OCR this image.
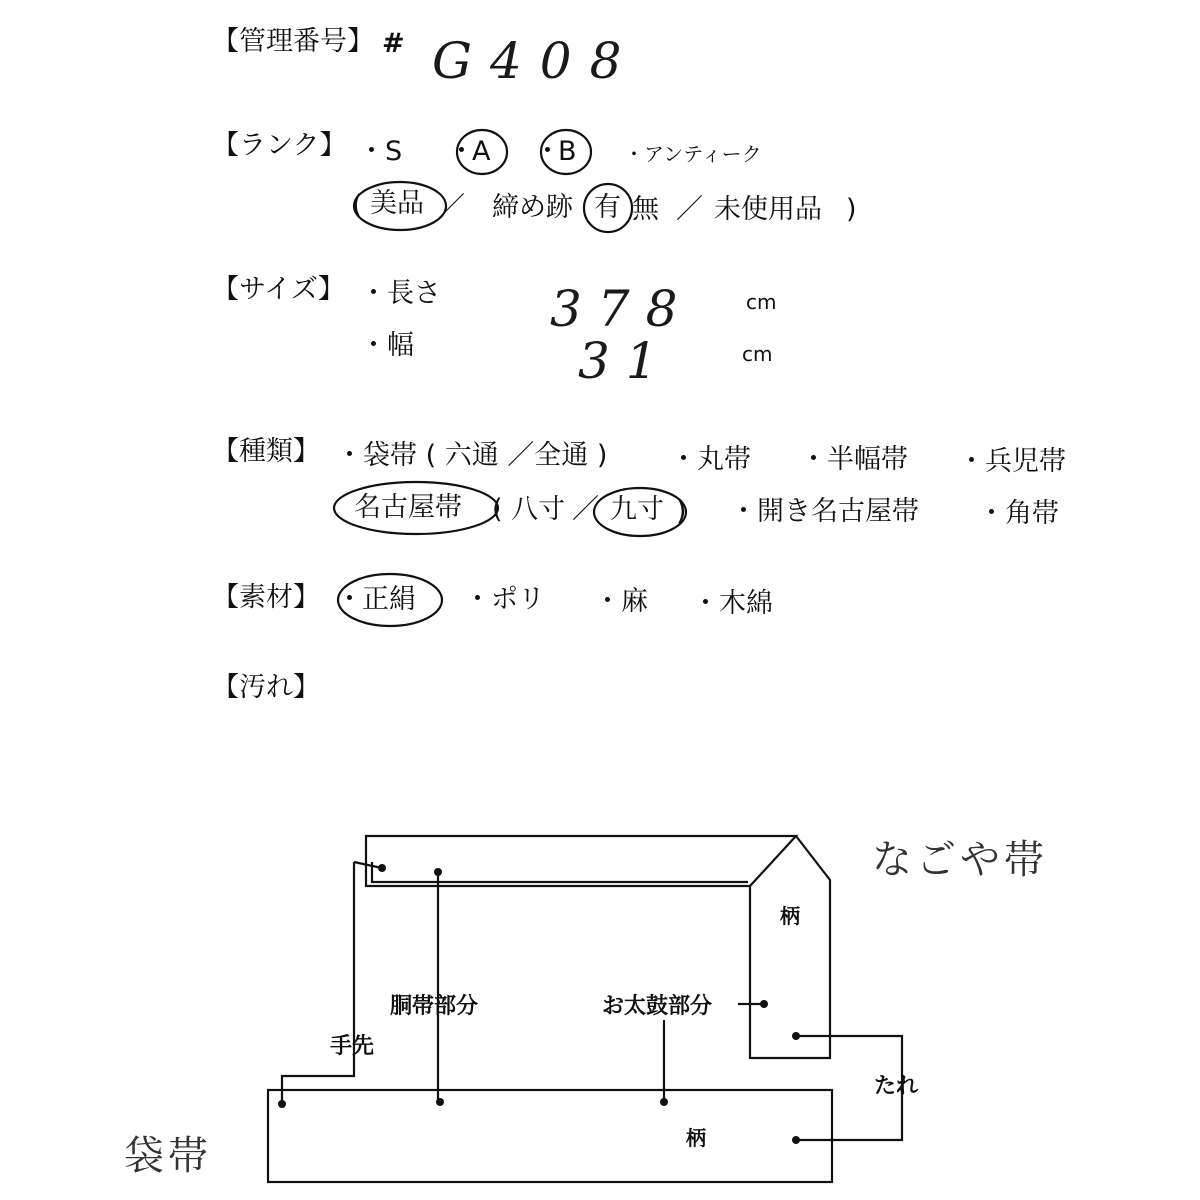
【管理番号】 # G408
【ランク】 ・S ・
A ・
B ・アンティーク
( 美品 ／ 締め跡 有 無 ／ 未使用品 )
【サイズ】 ・長さ 378	cm
・幅	31	cm
【種類】 ・袋帯 ( 六通 ／全通 ) ・丸帯 ・半幅帯 ・兵児帯
名古屋帯 ( 八寸 ／ 九寸 ) ・開き名古屋帯 ・角帯
【素材】 ・ 正絹 ・ポリ ・麻 ・木綿
【汚れ】
なごや帯
袋帯
柄
柄
胴帯部分	お太鼓部分
手先
たれ
